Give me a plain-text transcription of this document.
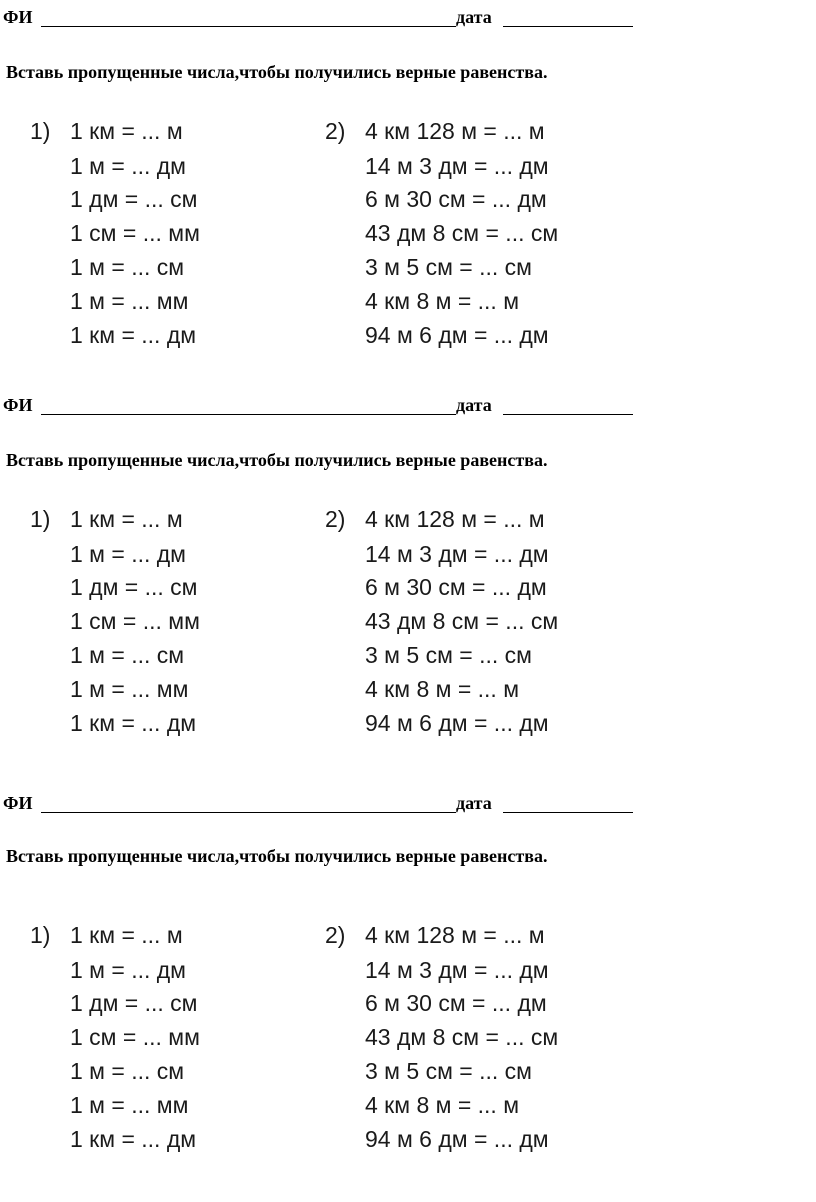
ФИ	дата
Вставь пропущенные числа,чтобы получились верные равенства.
1) 1 км = ... м
1 м = ... дм
1 дм = ... см
1 см = ... мм
1 м = ... см
1 м = ... мм
1 км = ... дм
2) 4 км 128 м = ... м
14 м 3 дм = ... дм
6 м 30 см = ... дм
43 дм 8 см = ... см
3 м 5 см = ... см
4 км 8 м = ... м
94 м 6 дм = ... дм
ФИ	дата
Вставь пропущенные числа,чтобы получились верные равенства.
1) 1 км = ... м
1 м = ... дм
1 дм = ... см
1 см = ... мм
1 м = ... см
1 м = ... мм
1 км = ... дм
2) 4 км 128 м = ... м
14 м 3 дм = ... дм
6 м 30 см = ... дм
43 дм 8 см = ... см
3 м 5 см = ... см
4 км 8 м = ... м
94 м 6 дм = ... дм
ФИ	дата
Вставь пропущенные числа,чтобы получились верные равенства.
1) 1 км = ... м
1 м = ... дм
1 дм = ... см
1 см = ... мм
1 м = ... см
1 м = ... мм
1 км = ... дм
2) 4 км 128 м = ... м
14 м 3 дм = ... дм
6 м 30 см = ... дм
43 дм 8 см = ... см
3 м 5 см = ... см
4 км 8 м = ... м
94 м 6 дм = ... дм
